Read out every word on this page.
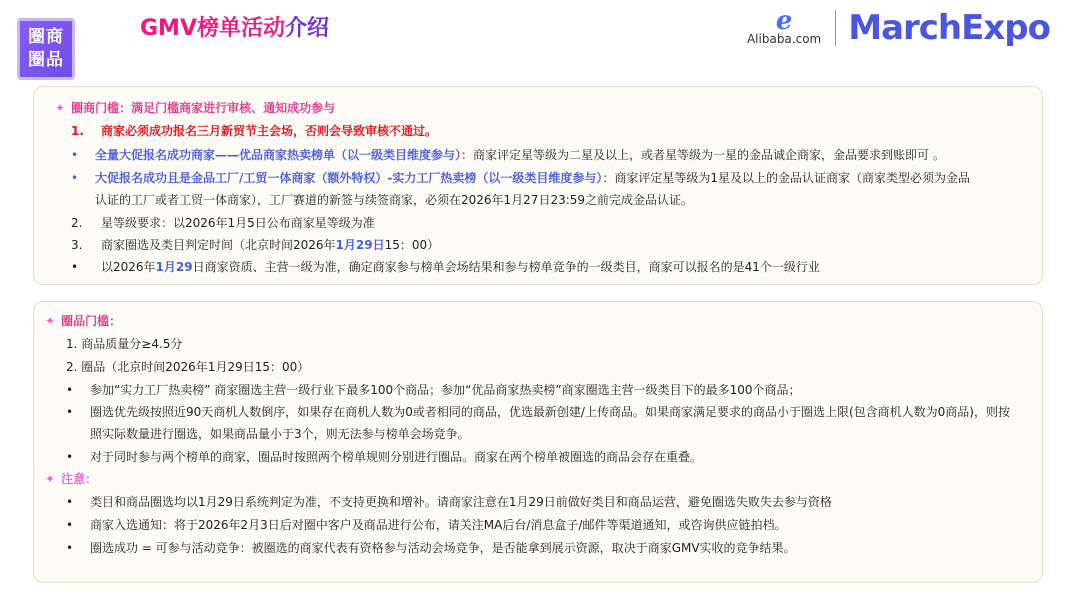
圈商
圈品
GMV榜单活动介绍	ℯ
Alibaba.com MarchExpo
✦ 圈商门槛：满足门槛商家进行审核、通知成功参与
1. 商家必须成功报名三月新贸节主会场，否则会导致审核不通过。
• 全量大促报名成功商家——优品商家热卖榜单（以一级类目维度参与）：商家评定星等级为二星及以上，或者星等级为一星的金品诚企商家，金品要求到账即可 。
• 大促报名成功且是金品工厂/工贸一体商家（额外特权）-实力工厂热卖榜（以一级类目维度参与）：商家评定星等级为1星及以上的金品认证商家（商家类型必须为金品
认证的工厂或者工贸一体商家），工厂赛道的新签与续签商家，必须在2026年1月27日23:59之前完成金品认证。
2. 星等级要求：以2026年1月5日公布商家星等级为准
3. 商家圈选及类目判定时间（北京时间2026年1月29日15：00）
• 以2026年1月29日商家资质、主营一级为准，确定商家参与榜单会场结果和参与榜单竞争的一级类目，商家可以报名的是41个一级行业
✦ 圈品门槛：
1. 商品质量分≥4.5分
2. 圈品（北京时间2026年1月29日15：00）
• 参加“实力工厂热卖榜” 商家圈选主营一级行业下最多100个商品；参加“优品商家热卖榜”商家圈选主营一级类目下的最多100个商品；
• 圈选优先级按照近90天商机人数倒序，如果存在商机人数为0或者相同的商品，优选最新创建/上传商品。如果商家满足要求的商品小于圈选上限(包含商机人数为0商品)，则按
照实际数量进行圈选，如果商品量小于3个，则无法参与榜单会场竞争。
• 对于同时参与两个榜单的商家，圈品时按照两个榜单规则分别进行圈品。商家在两个榜单被圈选的商品会存在重叠。
✦ 注意：
• 类目和商品圈选均以1月29日系统判定为准，不支持更换和增补。请商家注意在1月29日前做好类目和商品运营，避免圈选失败失去参与资格
• 商家入选通知：将于2026年2月3日后对圈中客户及商品进行公布，请关注MA后台/消息盒子/邮件等渠道通知，或咨询供应链拍档。
• 圈选成功 = 可参与活动竞争：被圈选的商家代表有资格参与活动会场竞争，是否能拿到展示资源，取决于商家GMV实收的竞争结果。
